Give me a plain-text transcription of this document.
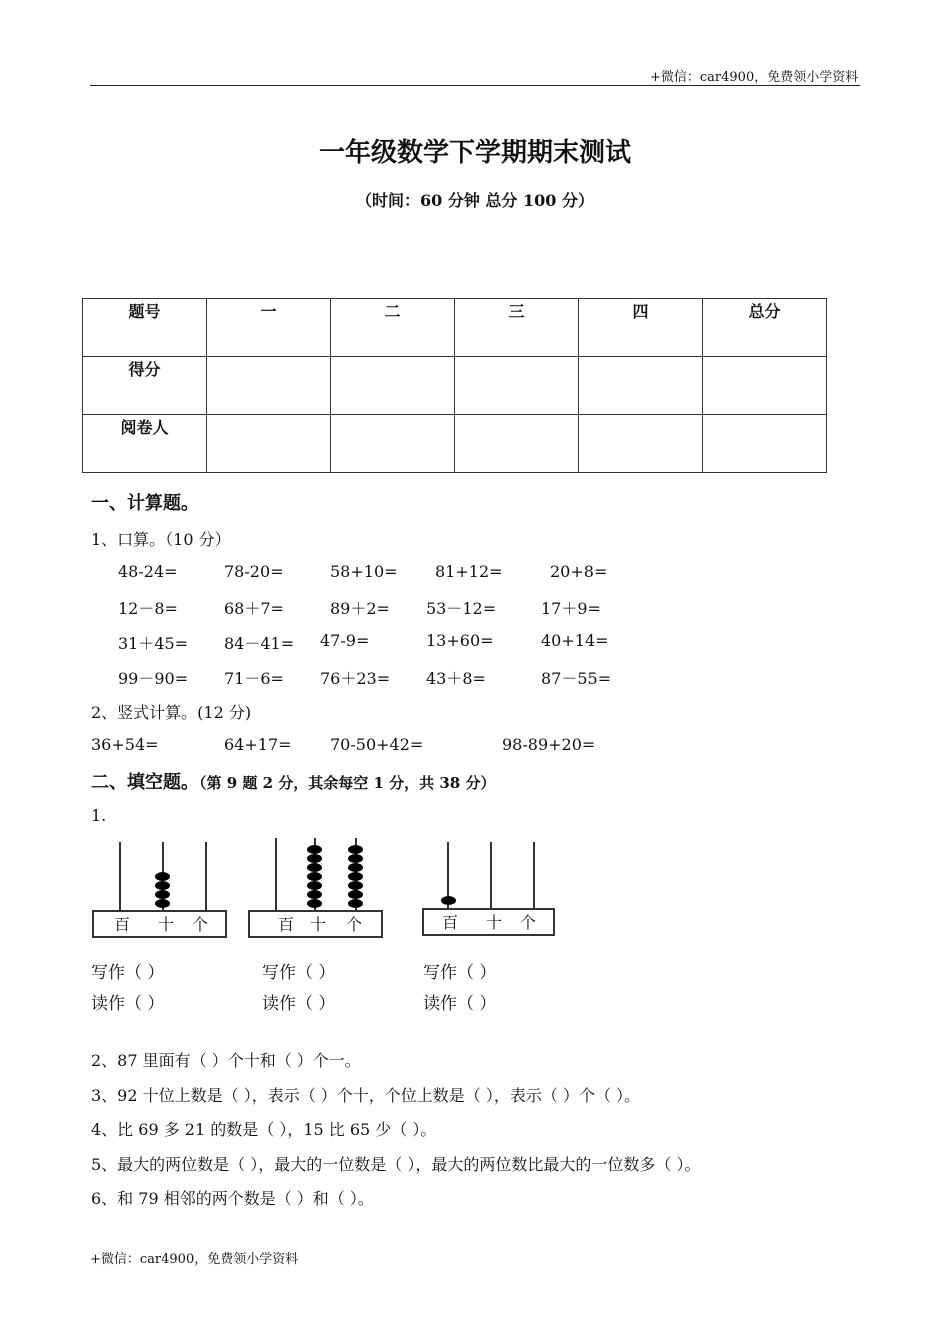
+微信：car4900，免费领小学资料
一年级数学下学期期末测试
（时间：60 分钟 总分 100 分）
题号	一	二	三	四	总分

得分					

阅卷人					

一、计算题。
1、口算。（10 分）
48-24=	78-20=	58+10= 81+12=	20+8=
12－8=	68＋7=	89＋2= 53－12=	17＋9=
31＋45= 84－41= 47-9=	13+60=	40+14=
99－90= 71－6= 76＋23= 43＋8=	87－55=
2、竖式计算。(12 分)
36+54=	64+17= 70-50+42=	98-89+20=
二、填空题。（第 9 题 2 分，其余每空 1 分，共 38 分）
1.
百 十 个	百 十 个	百 十 个
写作（ ）
读作（ ）
写作（ ）
读作（ ）
写作（ ）
读作（ ）
2、87 里面有（ ）个十和（ ）个一。
3、92 十位上数是（ ），表示（ ）个十，个位上数是（ ），表示（ ）个（ ）。
4、比 69 多 21 的数是（ ），15 比 65 少（ ）。
5、最大的两位数是（ ），最大的一位数是（ ），最大的两位数比最大的一位数多（ ）。
6、和 79 相邻的两个数是（ ）和（ ）。
+微信：car4900，免费领小学资料
